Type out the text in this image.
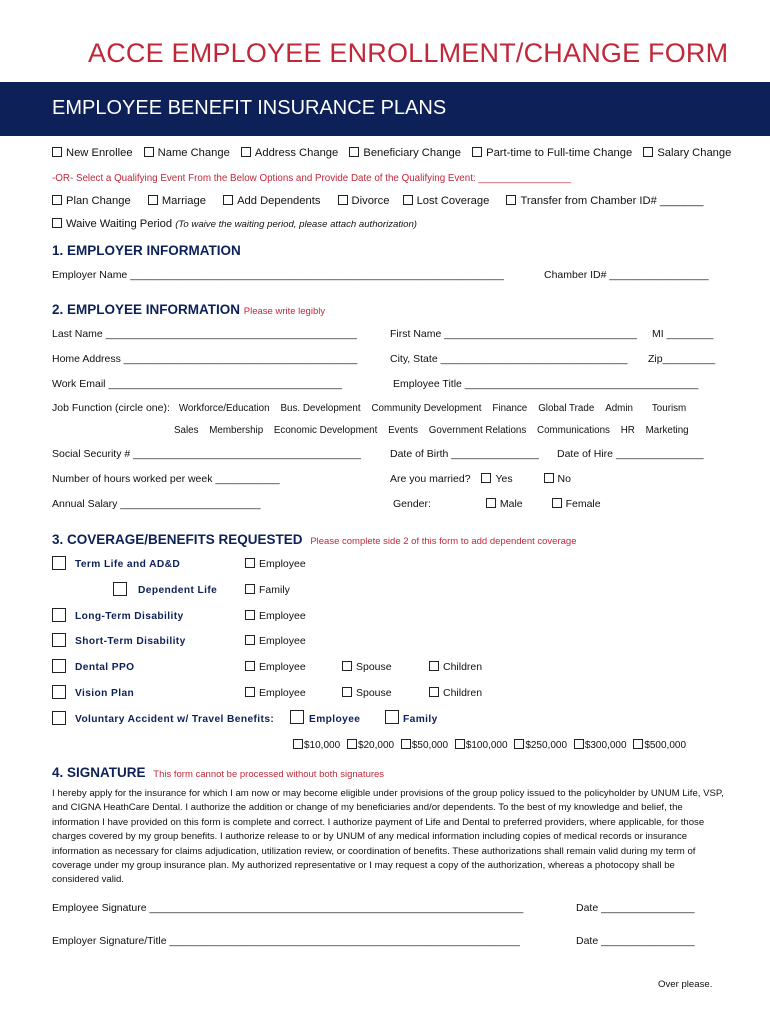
ACCE EMPLOYEE ENROLLMENT/CHANGE FORM
EMPLOYEE BENEFIT INSURANCE PLANS
New Enrollee Name Change Address Change Beneficiary Change Part-time to Full-time Change Salary Change
-OR- Select a Qualifying Event From the Below Options and Provide Date of the Qualifying Event: _________________
Plan Change	Marriage	Add Dependents	Divorce Lost Coverage	Transfer from Chamber ID# _______
Waive Waiting Period (To waive the waiting period, please attach authorization)
1. EMPLOYER INFORMATION
Employer Name ________________________________________________________________	Chamber ID# _________________
2. EMPLOYEE INFORMATION Please write legibly
Last Name ___________________________________________	First Name _________________________________ MI ________
Home Address ________________________________________	City, State ________________________________ Zip_________
Work Email ________________________________________	Employee Title ________________________________________
Job Function (circle one): Workforce/Education Bus. Development Community Development Finance Global Trade Admin Tourism
Sales Membership Economic Development Events Government Relations Communications HR Marketing
Social Security # _______________________________________	Date of Birth _______________ Date of Hire _______________
Number of hours worked per week ___________	Are you married? Yes	No
Annual Salary ________________________	Gender:	Male	Female
3. COVERAGE/BENEFITS REQUESTED Please complete side 2 of this form to add dependent coverage
Term Life and AD&D	Employee
Dependent Life	Family
Long-Term Disability	Employee
Short-Term Disability	Employee
Dental PPO	Employee	Spouse	Children
Vision Plan	Employee	Spouse	Children
Voluntary Accident w/ Travel Benefits:	Employee	Family
$10,000 $20,000 $50,000 $100,000 $250,000 $300,000 $500,000
4. SIGNATURE This form cannot be processed without both signatures
I hereby apply for the insurance for which I am now or may become eligible under provisions of the group policy issued to the policyholder by UNUM Life, VSP, and CIGNA HeathCare Dental. I authorize the addition or change of my beneficiaries and/or dependents. To the best of my knowledge and belief, the information I have provided on this form is complete and correct. I authorize payment of Life and Dental to preferred providers, where applicable, for those charges covered by my group benefits. I authorize release to or by UNUM of any medical information including copies of medical records or insurance information as necessary for claims adjudication, utilization review, or coordination of benefits. These authorizations shall remain valid during my term of coverage under my group insurance plan. My authorized representative or I may request a copy of the authorization, whereas a photocopy shall be considered valid.
Employee Signature ________________________________________________________________	Date ________________
Employer Signature/Title ____________________________________________________________	Date ________________
Over please.
